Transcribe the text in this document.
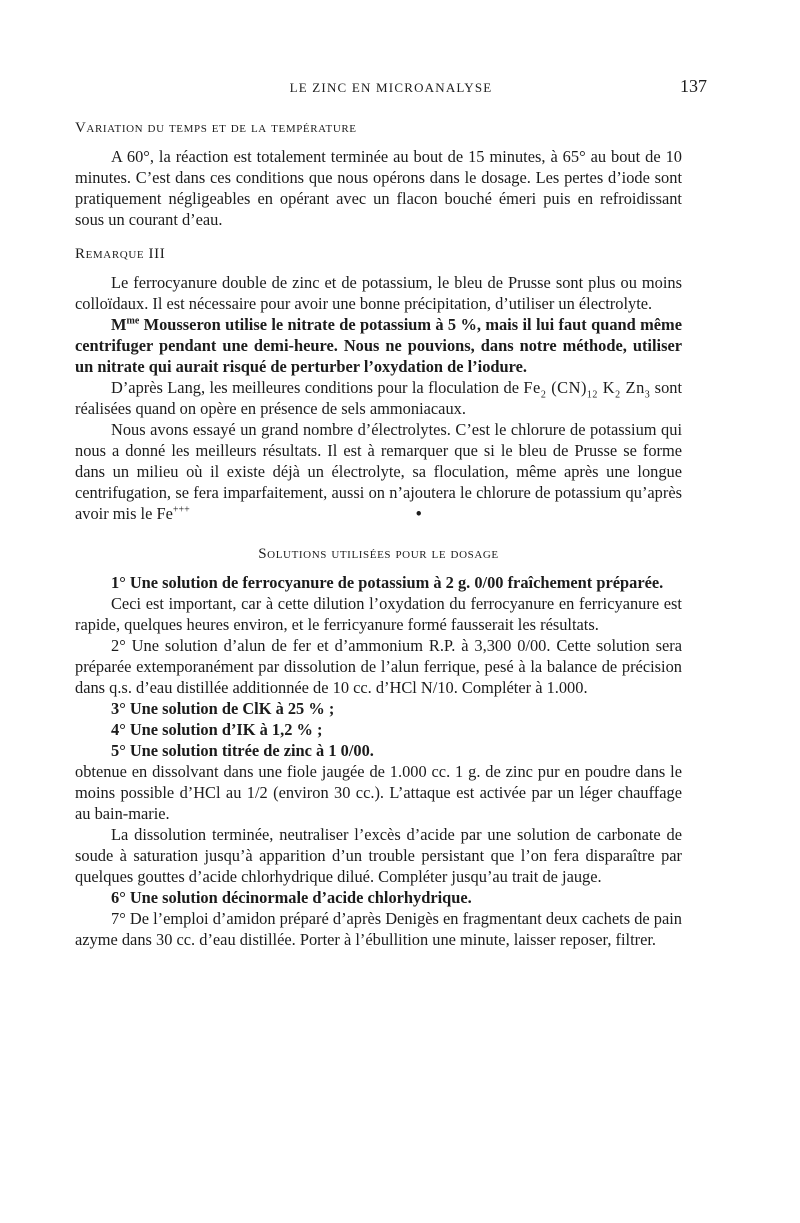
LE ZINC EN MICROANALYSE	137
Variation du temps et de la température

A 60°, la réaction est totalement terminée au bout de 15 minutes, à 65° au bout de 10 minutes. C’est dans ces conditions que nous opérons dans le dosage. Les pertes d’iode sont pratiquement négligeables en opérant avec un flacon bouché émeri puis en refroidissant sous un courant d’eau.

Remarque III

Le ferrocyanure double de zinc et de potassium, le bleu de Prusse sont plus ou moins colloïdaux. Il est nécessaire pour avoir une bonne précipitation, d’utiliser un électrolyte.

$M^{me}$ Mousseron utilise le nitrate de potassium à 5 %, mais il lui faut quand même centrifuger pendant une demi-heure. Nous ne pouvions, dans notre méthode, utiliser un nitrate qui aurait risqué de perturber l’oxydation de l’iodure.

D’après Lang, les meilleures conditions pour la floculation de $Fe_2$ $(CN)_{12}$ $K_2$ $Zn_3$ sont réalisées quand on opère en présence de sels ammoniacaux.

Nous avons essayé un grand nombre d’électrolytes. C’est le chlorure de potassium qui nous a donné les meilleurs résultats. Il est à remarquer que si le bleu de Prusse se forme dans un milieu où il existe déjà un électrolyte, sa floculation, même après une longue centrifugation, se fera imparfaitement, aussi on n’ajoutera le chlorure de potassium qu’après avoir mis le Fe+++	•

Solutions utilisées pour le dosage

1° Une solution de ferrocyanure de potassium à 2 g. 0/00 fraîchement préparée.

Ceci est important, car à cette dilution l’oxydation du ferrocyanure en ferricyanure est rapide, quelques heures environ, et le ferricyanure formé fausserait les résultats.

2° Une solution d’alun de fer et d’ammonium R.P. à 3,300 0/00. Cette solution sera préparée extemporanément par dissolution de l’alun ferrique, pesé à la balance de précision dans q.s. d’eau distillée additionnée de 10 cc. d’HCl N/10. Compléter à 1.000.

3° Une solution de ClK à 25 % ;

4° Une solution d’IK à 1,2 % ;

5° Une solution titrée de zinc à 1 0/00.

obtenue en dissolvant dans une fiole jaugée de 1.000 cc. 1 g. de zinc pur en poudre dans le moins possible d’HCl au 1/2 (environ 30 cc.). L’attaque est activée par un léger chauffage au bain-marie.

La dissolution terminée, neutraliser l’excès d’acide par une solution de carbonate de soude à saturation jusqu’à apparition d’un trouble persistant que l’on fera disparaître par quelques gouttes d’acide chlorhydrique dilué. Compléter jusqu’au trait de jauge.

6° Une solution décinormale d’acide chlorhydrique.

7° De l’emploi d’amidon préparé d’après Denigès en fragmentant deux cachets de pain azyme dans 30 cc. d’eau distillée. Porter à l’ébullition une minute, laisser reposer, filtrer.
